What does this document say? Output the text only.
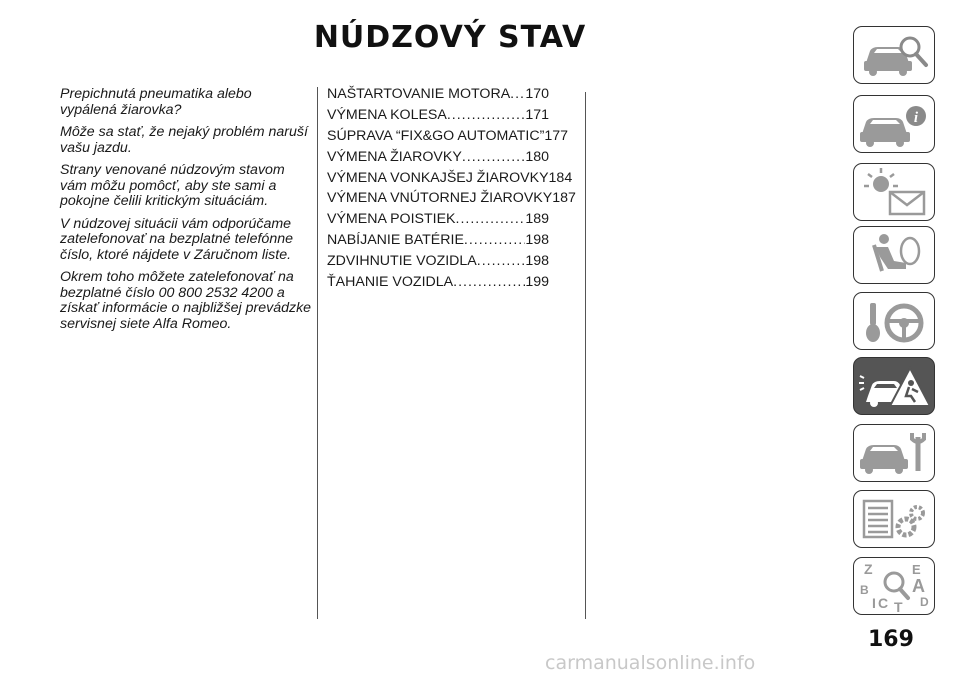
NÚDZOVÝ STAV

Prepichnutá pneumatika alebo vypálená žiarovka?

Môže sa stať, že nejaký problém naruší vašu jazdu.

Strany venované núdzovým stavom vám môžu pomôcť, aby ste sami a pokojne čelili kritickým situáciám.

V núdzovej situácii vám odporúčame zatelefonovať na bezplatné telefónne číslo, ktoré nájdete v Záručnom liste.

Okrem toho môžete zatelefonovať na bezplatné číslo 00 800 2532 4200 a získať informácie o najbližšej prevádzke servisnej siete Alfa Romeo.

NAŠTARTOVANIE MOTORA ..... 170
VÝMENA KOLESA .....	171
SÚPRAVA “FIX&GO AUTOMATIC” 177
VÝMENA ŽIAROVKY .....	180
VÝMENA VONKAJŠEJ ŽIAROVKY 184
VÝMENA VNÚTORNEJ ŽIAROVKY 187
VÝMENA POISTIEK .....	189
NABÍJANIE BATÉRIE .....	198
ZDVIHNUTIE VOZIDLA .....	198
ŤAHANIE VOZIDLA .....	199
i
Z	E
B A
I C T D
169
carmanualsonline.info
